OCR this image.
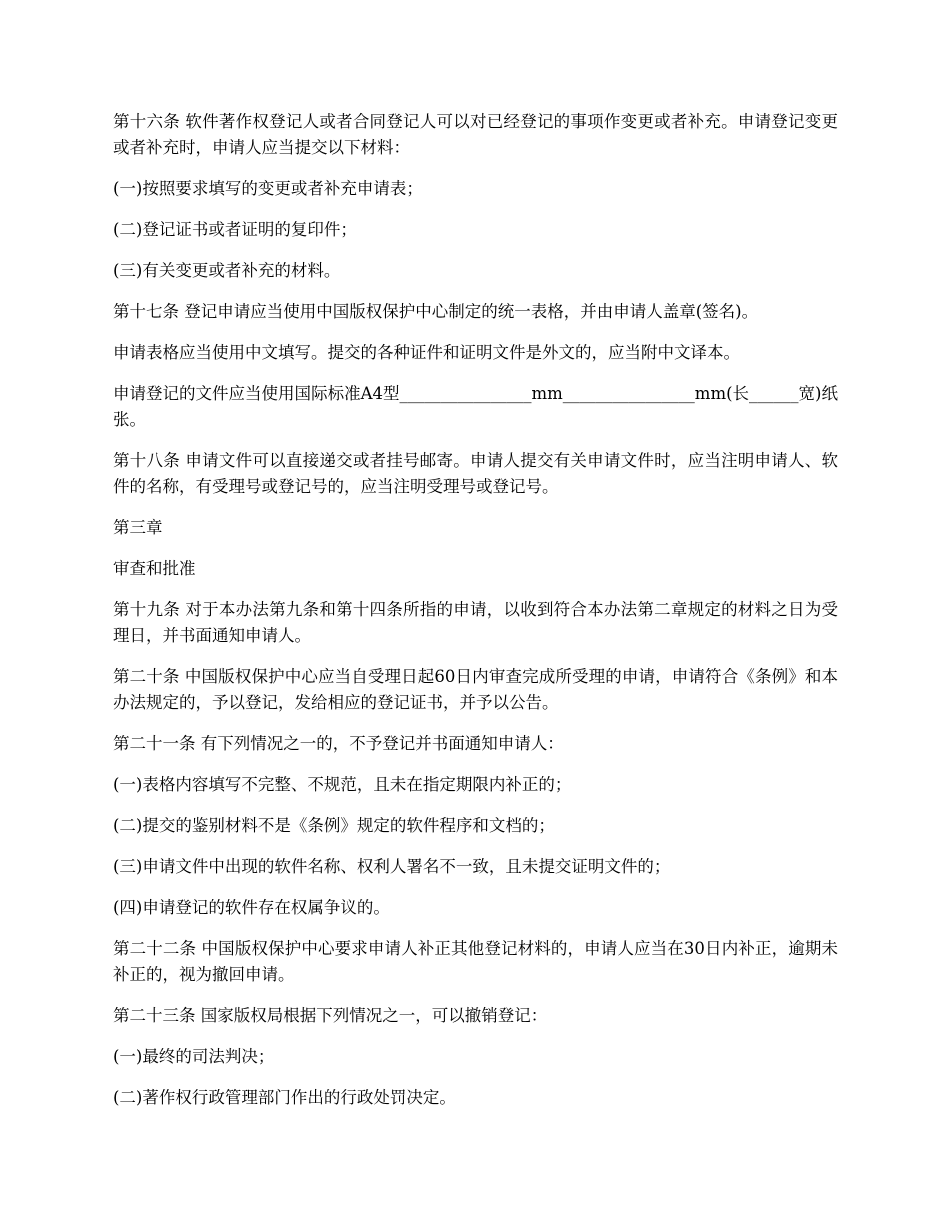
第十六条 软件著作权登记人或者合同登记人可以对已经登记的事项作变更或者补充。申请登记变更或者补充时，申请人应当提交以下材料：

(一)按照要求填写的变更或者补充申请表；

(二)登记证书或者证明的复印件；

(三)有关变更或者补充的材料。

第十七条 登记申请应当使用中国版权保护中心制定的统一表格，并由申请人盖章(签名)。

申请表格应当使用中文填写。提交的各种证件和证明文件是外文的，应当附中文译本。

申请登记的文件应当使用国际标准A4型________________mm________________mm(长______宽)纸张。

第十八条 申请文件可以直接递交或者挂号邮寄。申请人提交有关申请文件时，应当注明申请人、软件的名称，有受理号或登记号的，应当注明受理号或登记号。

第三章

审查和批准

第十九条 对于本办法第九条和第十四条所指的申请，以收到符合本办法第二章规定的材料之日为受理日，并书面通知申请人。

第二十条 中国版权保护中心应当自受理日起60日内审查完成所受理的申请，申请符合《条例》和本办法规定的，予以登记，发给相应的登记证书，并予以公告。

第二十一条 有下列情况之一的，不予登记并书面通知申请人：

(一)表格内容填写不完整、不规范，且未在指定期限内补正的；

(二)提交的鉴别材料不是《条例》规定的软件程序和文档的；

(三)申请文件中出现的软件名称、权利人署名不一致，且未提交证明文件的；

(四)申请登记的软件存在权属争议的。

第二十二条 中国版权保护中心要求申请人补正其他登记材料的，申请人应当在30日内补正，逾期未补正的，视为撤回申请。

第二十三条 国家版权局根据下列情况之一，可以撤销登记：

(一)最终的司法判决；

(二)著作权行政管理部门作出的行政处罚决定。
